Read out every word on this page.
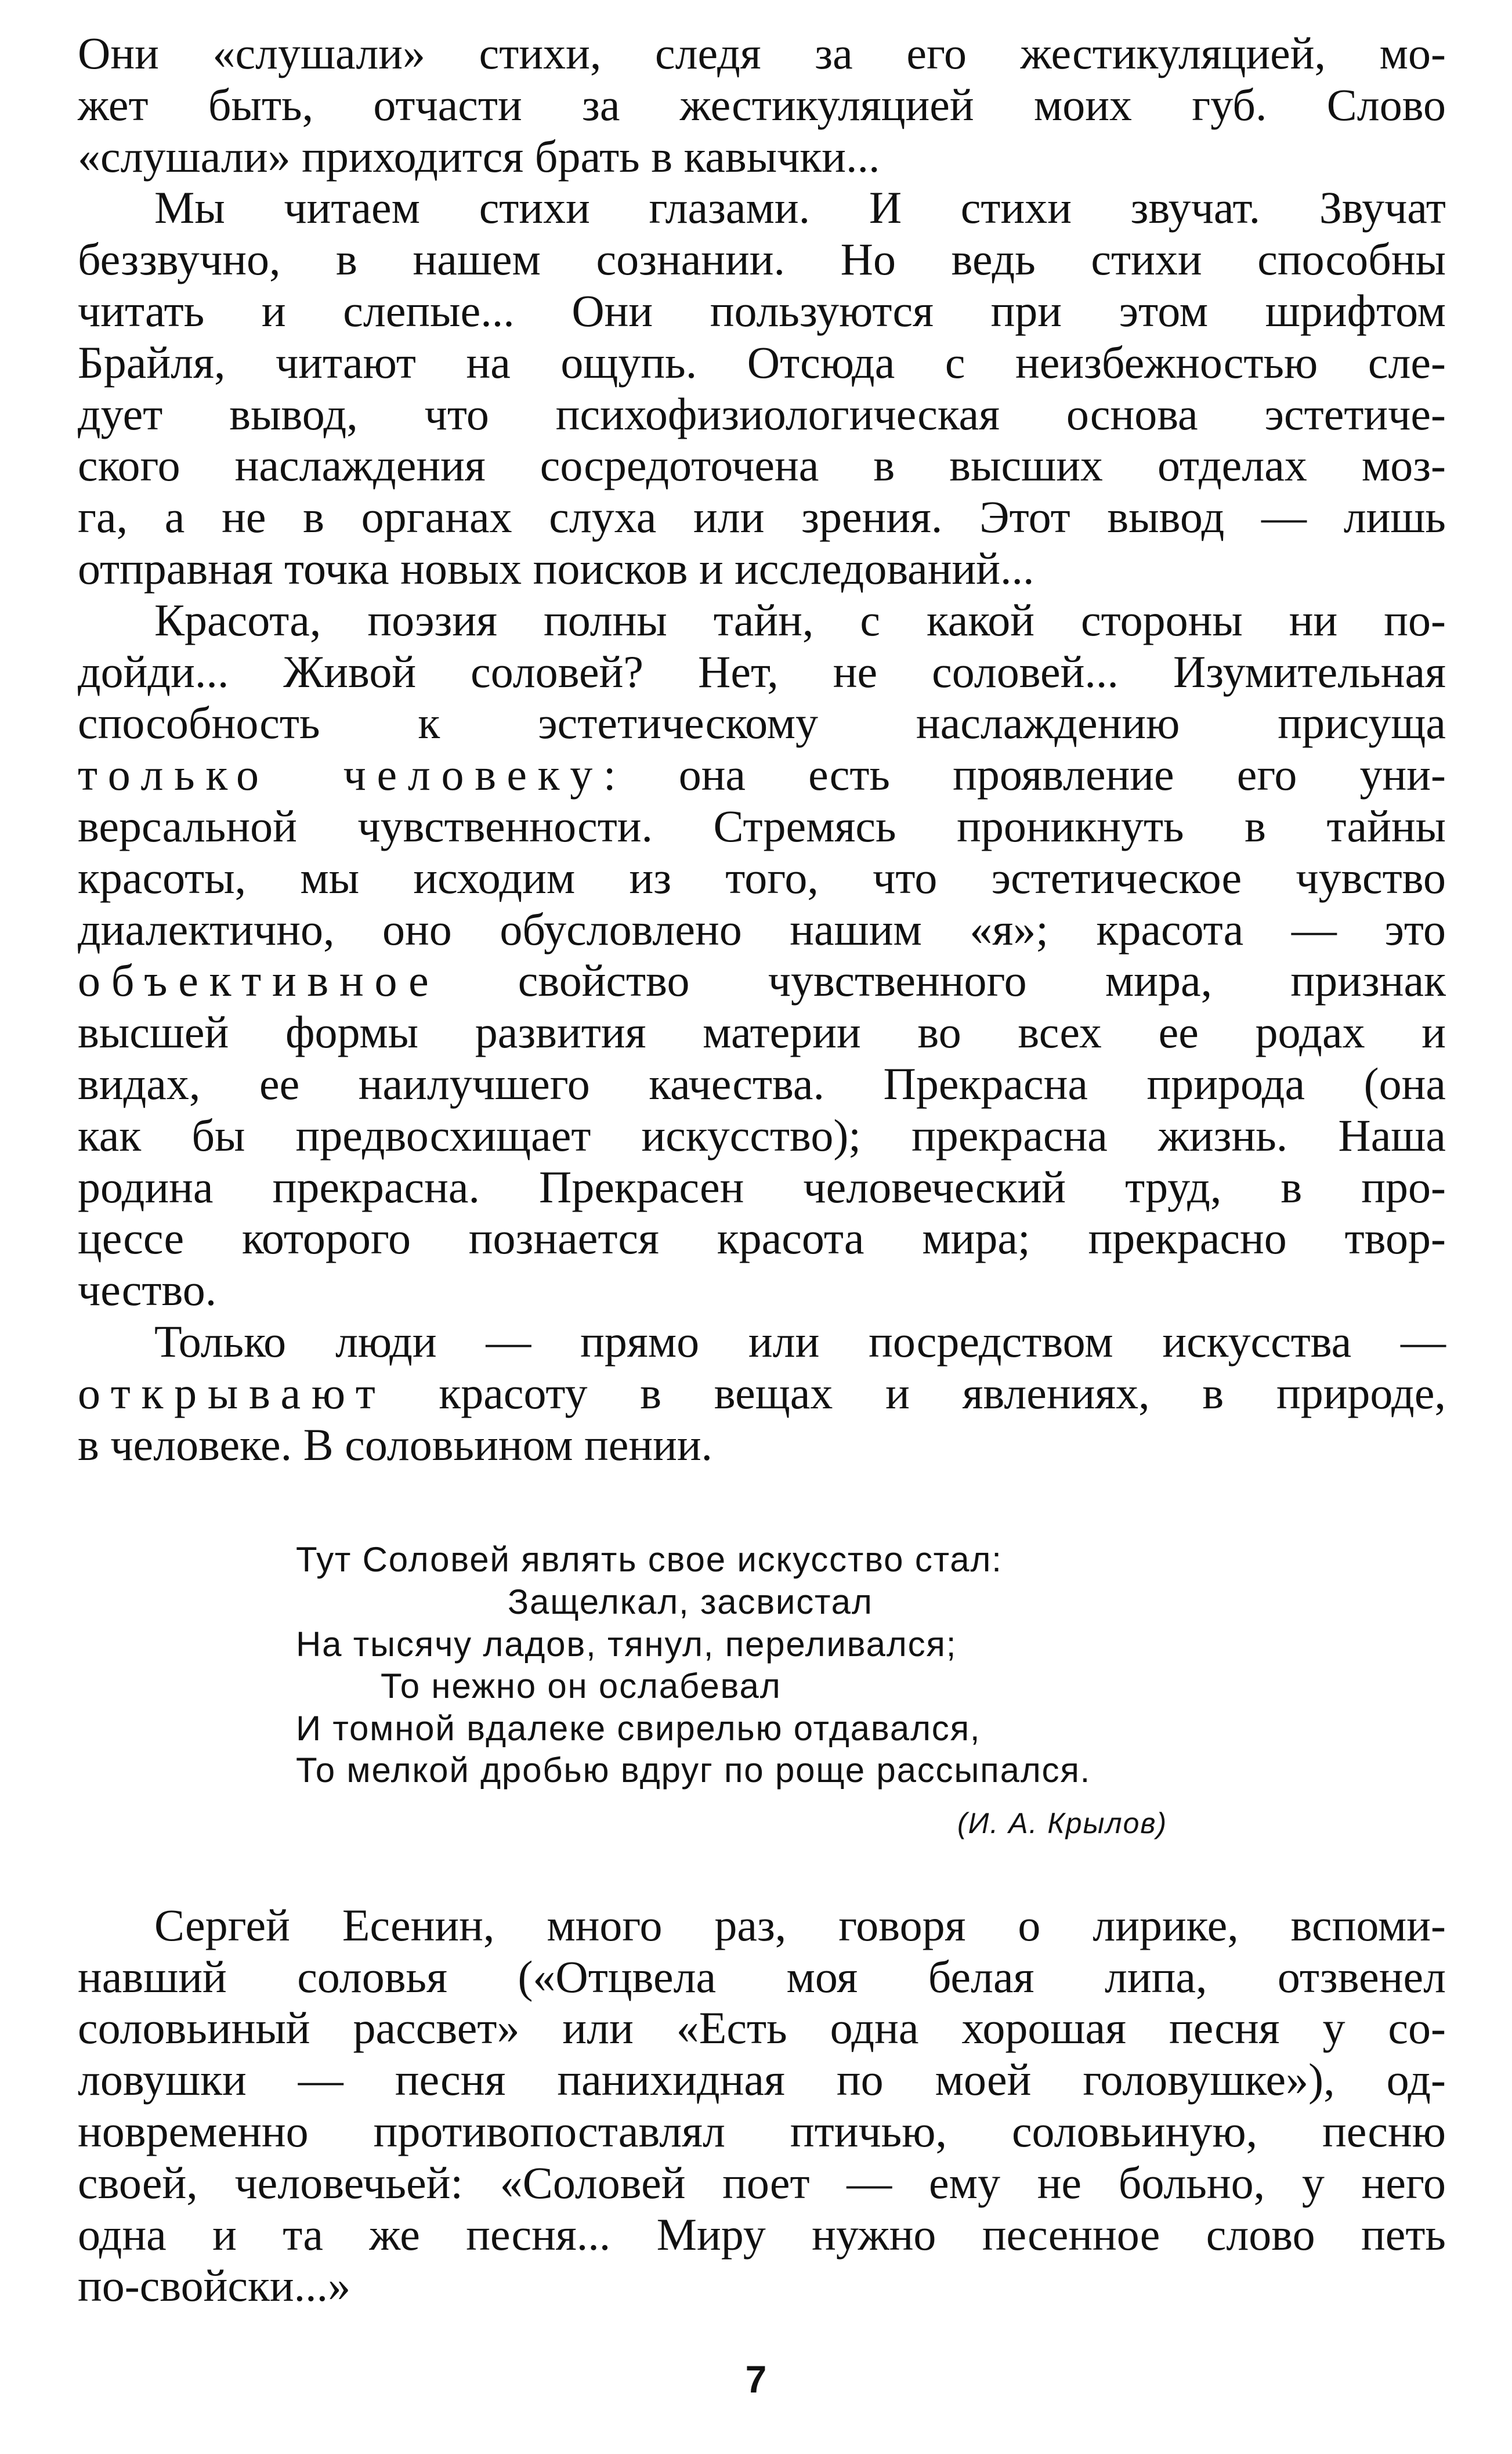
Они «слушали» стихи, следя за его жестикуляцией, мо-
жет быть, отчасти за жестикуляцией моих губ. Слово
«слушали» приходится брать в кавычки...
Мы читаем стихи глазами. И стихи звучат. Звучат
беззвучно, в нашем сознании. Но ведь стихи способны
читать и слепые... Они пользуются при этом шрифтом
Брайля, читают на ощупь. Отсюда с неизбежностью сле-
дует вывод, что психофизиологическая основа эстетиче-
ского наслаждения сосредоточена в высших отделах моз-
га, а не в органах слуха или зрения. Этот вывод — лишь
отправная точка новых поисков и исследований...
Красота, поэзия полны тайн, с какой стороны ни по-
дойди... Живой соловей? Нет, не соловей... Изумительная
способность к эстетическому наслаждению присуща
только человеку: она есть проявление его уни-
версальной чувственности. Стремясь проникнуть в тайны
красоты, мы исходим из того, что эстетическое чувство
диалектично, оно обусловлено нашим «я»; красота — это
объективное свойство чувственного мира, признак
высшей формы развития материи во всех ее родах и
видах, ее наилучшего качества. Прекрасна природа (она
как бы предвосхищает искусство); прекрасна жизнь. Наша
родина прекрасна. Прекрасен человеческий труд, в про-
цессе которого познается красота мира; прекрасно твор-
чество.
Только люди — прямо или посредством искусства —
открывают красоту в вещах и явлениях, в природе,
в человеке. В соловьином пении.
Тут Соловей являть свое искусство стал:
Защелкал, засвистал
На тысячу ладов, тянул, переливался;
То нежно он ослабевал
И томной вдалеке свирелью отдавался,
То мелкой дробью вдруг по роще рассыпался.
(И. А. Крылов)
Сергей Есенин, много раз, говоря о лирике, вспоми-
навший соловья («Отцвела моя белая липа, отзвенел
соловьиный рассвет» или «Есть одна хорошая песня у со-
ловушки — песня панихидная по моей головушке»), од-
новременно противопоставлял птичью, соловьиную, песню
своей, человечьей: «Соловей поет — ему не больно, у него
одна и та же песня... Миру нужно песенное слово петь
по-свойски...»
7
